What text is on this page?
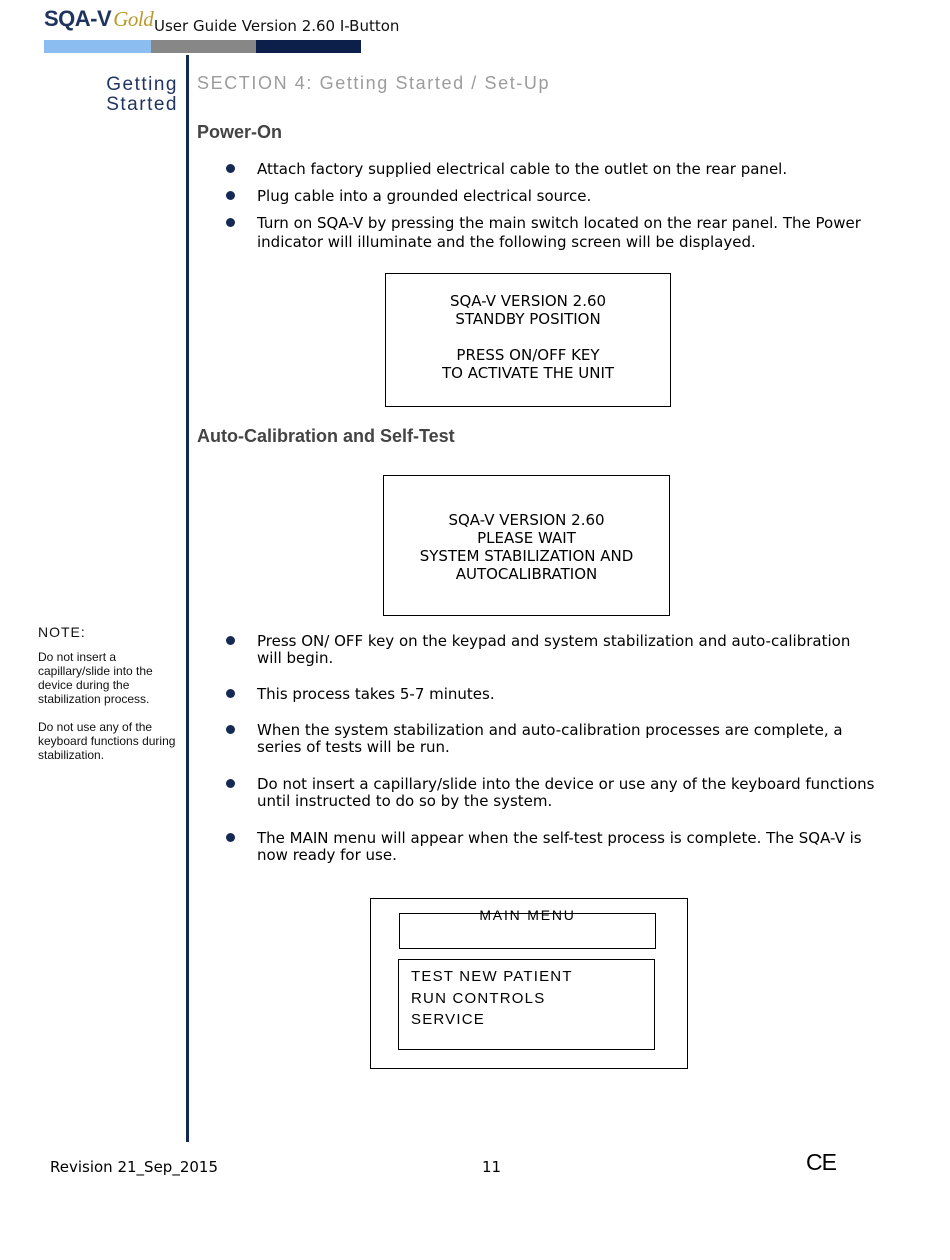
SQA-VGold User Guide Version 2.60 I-Button
Getting
Started
SECTION 4: Getting Started / Set-Up
Power-On
Attach factory supplied electrical cable to the outlet on the rear panel.
Plug cable into a grounded electrical source.
Turn on SQA-V by pressing the main switch located on the rear panel. The Power indicator will illuminate and the following screen will be displayed.
SQA-V VERSION 2.60
STANDBY POSITION
PRESS ON/OFF KEY
TO ACTIVATE THE UNIT
Auto-Calibration and Self-Test
SQA-V VERSION 2.60
PLEASE WAIT
SYSTEM STABILIZATION AND
AUTOCALIBRATION
NOTE:
Do not insert a capillary/slide into the device during the stabilization process.
Do not use any of the keyboard functions during stabilization.
Press ON/ OFF key on the keypad and system stabilization and auto-calibration will begin.
This process takes 5-7 minutes.
When the system stabilization and auto-calibration processes are complete, a series of tests will be run.
Do not insert a capillary/slide into the device or use any of the keyboard functions until instructed to do so by the system.
The MAIN menu will appear when the self-test process is complete. The SQA-V is now ready for use.
MAIN MENU
TEST NEW PATIENT
RUN CONTROLS
SERVICE
Revision 21_Sep_2015	11	CE
